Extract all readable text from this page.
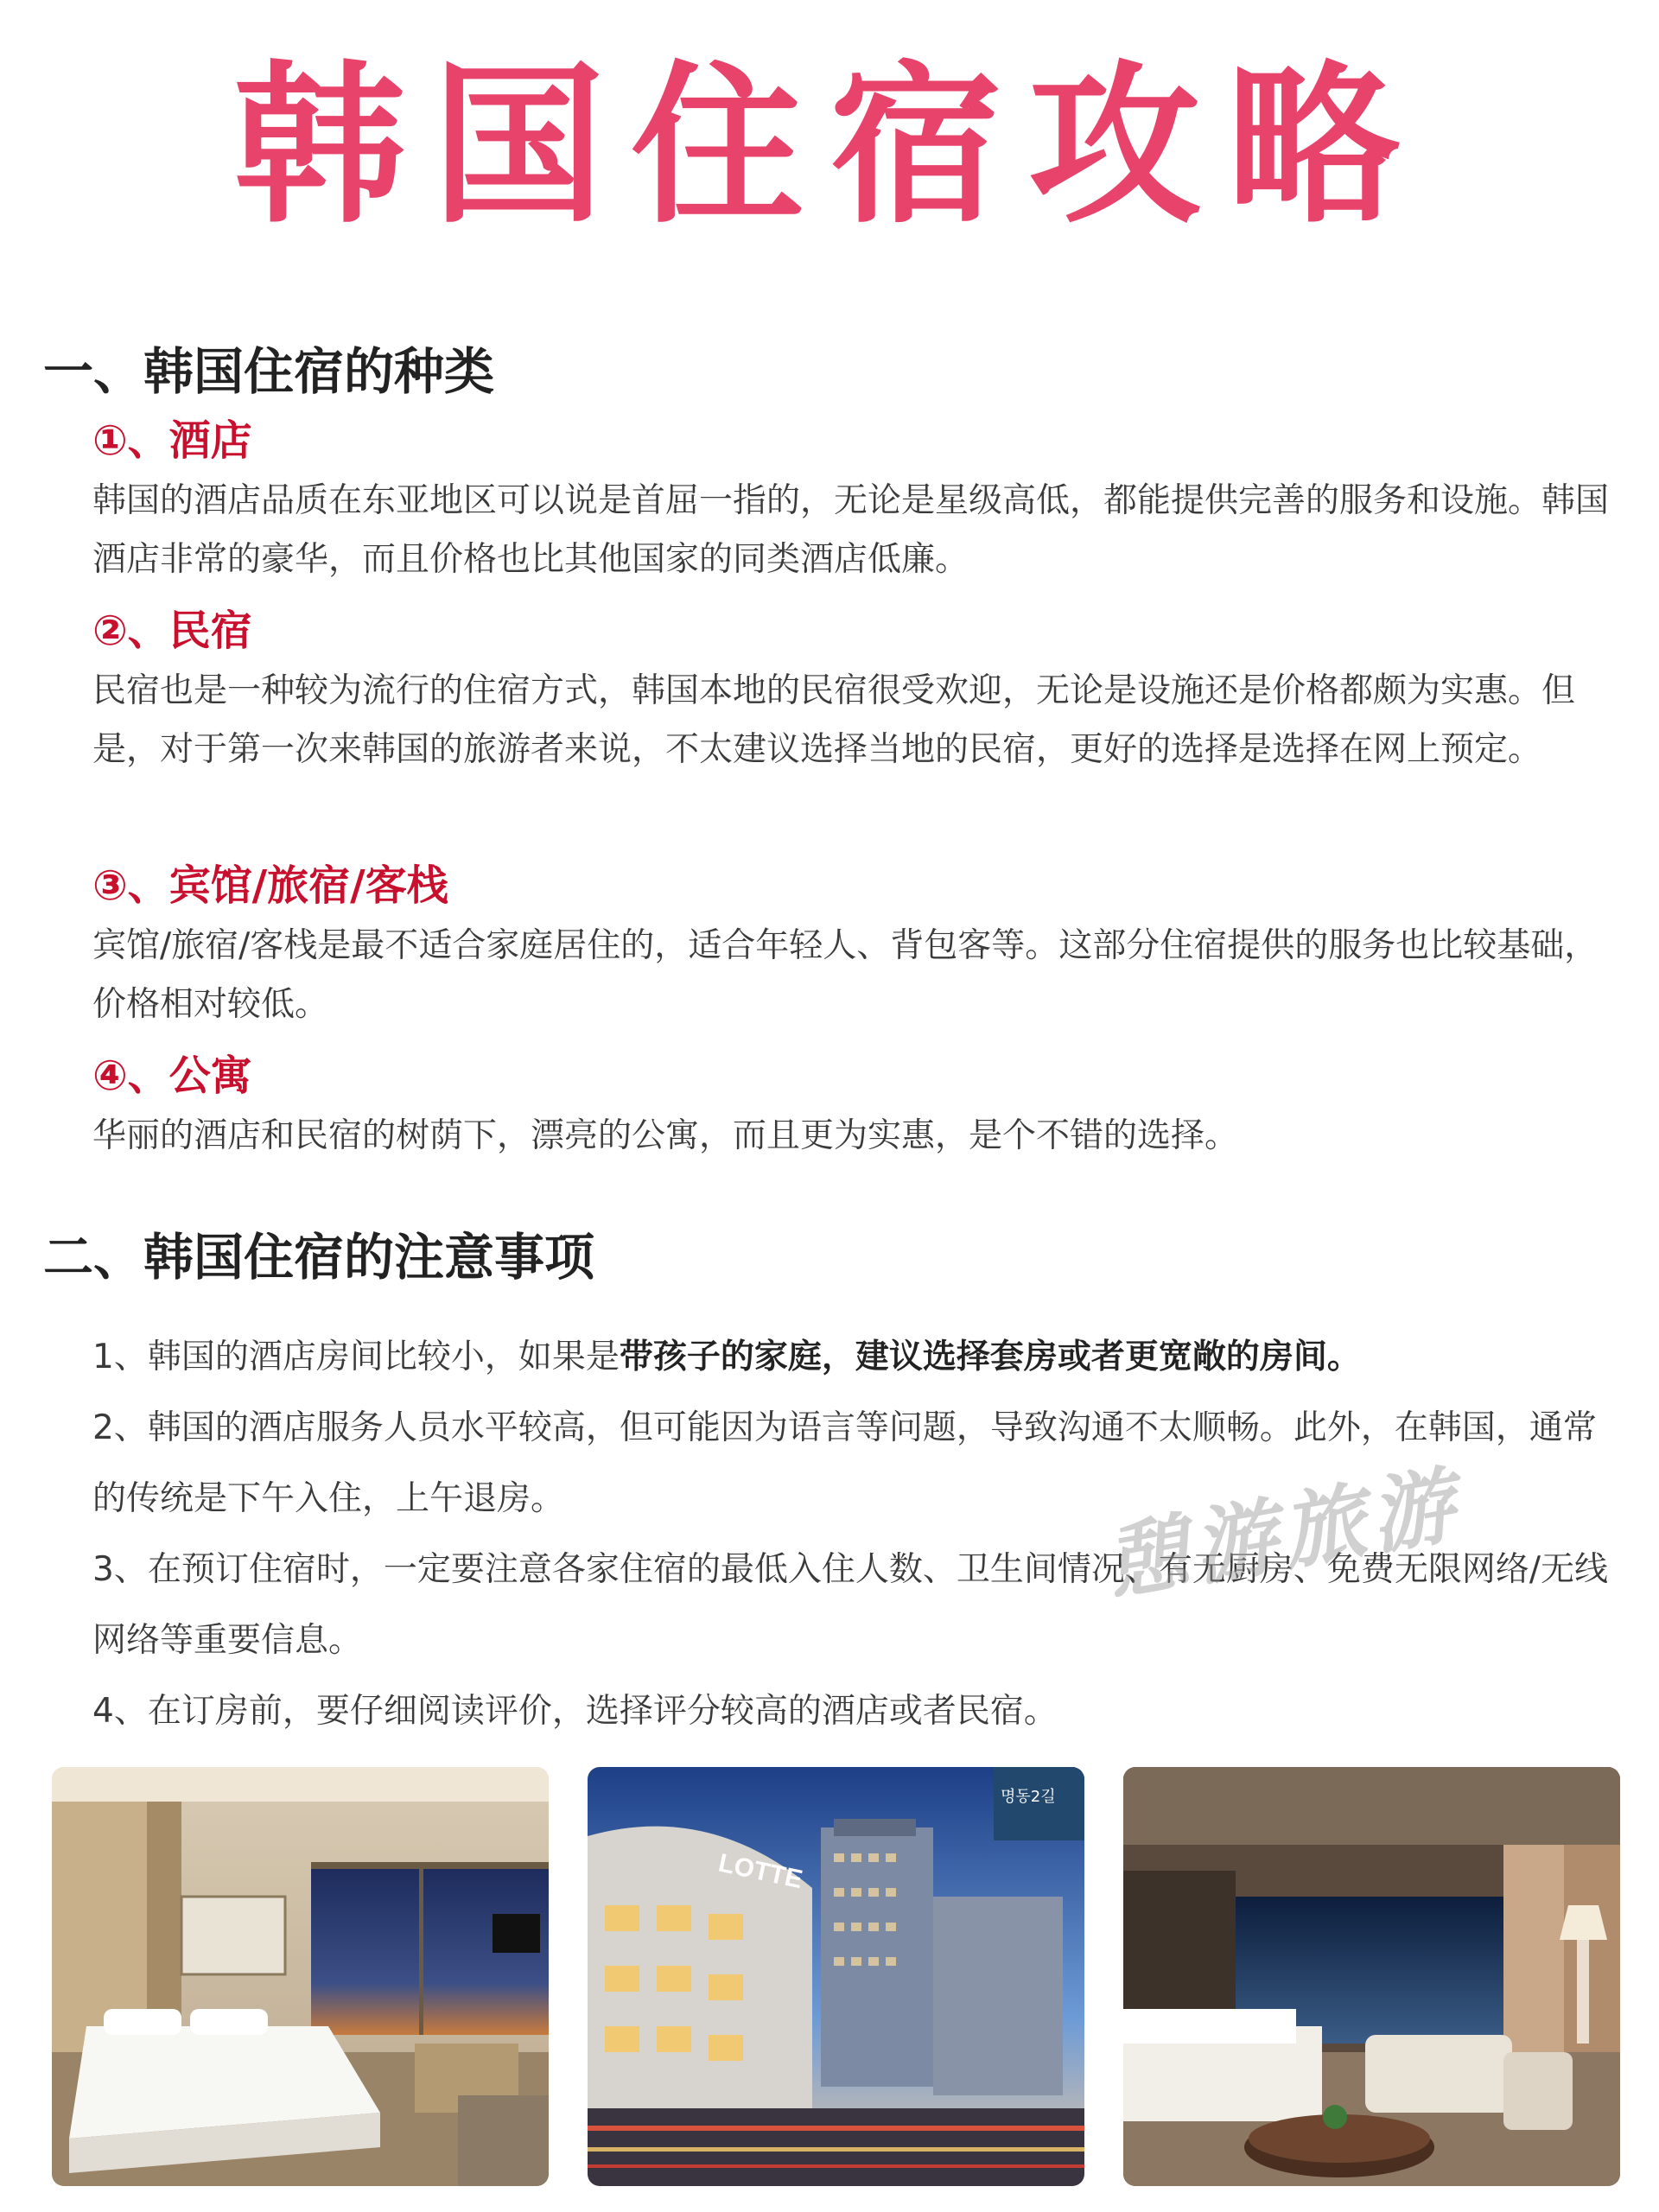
韩国住宿攻略
一、韩国住宿的种类
①、酒店
韩国的酒店品质在东亚地区可以说是首屈一指的，无论是星级高低，都能提供完善的服务和设施。韩国酒店非常的豪华，而且价格也比其他国家的同类酒店低廉。
②、民宿
民宿也是一种较为流行的住宿方式，韩国本地的民宿很受欢迎，无论是设施还是价格都颇为实惠。但是，对于第一次来韩国的旅游者来说，不太建议选择当地的民宿，更好的选择是选择在网上预定。
③、宾馆/旅宿/客栈
宾馆/旅宿/客栈是最不适合家庭居住的，适合年轻人、背包客等。这部分住宿提供的服务也比较基础，价格相对较低。
④、公寓
华丽的酒店和民宿的树荫下，漂亮的公寓，而且更为实惠，是个不错的选择。
二、韩国住宿的注意事项
1、韩国的酒店房间比较小，如果是带孩子的家庭，建议选择套房或者更宽敞的房间。
2、韩国的酒店服务人员水平较高，但可能因为语言等问题，导致沟通不太顺畅。此外，在韩国，通常的传统是下午入住，上午退房。
3、在预订住宿时，一定要注意各家住宿的最低入住人数、卫生间情况、有无厨房、免费无限网络/无线网络等重要信息。
4、在订房前，要仔细阅读评价，选择评分较高的酒店或者民宿。
憩游旅游
LOTTE
명동2길
